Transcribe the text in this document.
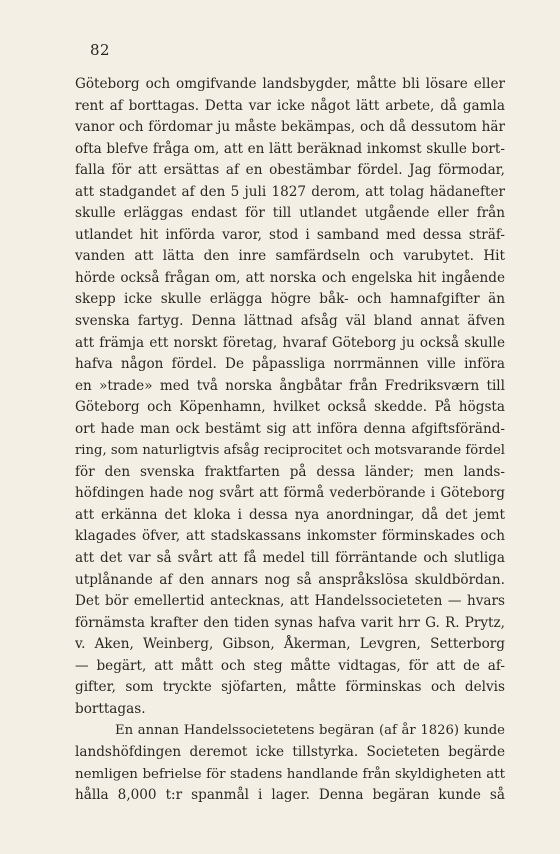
82
Göteborg och omgifvande landsbygder, måtte bli lösare eller
rent af borttagas. Detta var icke något lätt arbete, då gamla
vanor och fördomar ju måste bekämpas, och då dessutom här
ofta blefve fråga om, att en lätt beräknad inkomst skulle bort-
falla för att ersättas af en obestämbar fördel. Jag förmodar,
att stadgandet af den 5 juli 1827 derom, att tolag hädanefter
skulle erläggas endast för till utlandet utgående eller från
utlandet hit införda varor, stod i samband med dessa sträf-
vanden att lätta den inre samfärdseln och varubytet. Hit
hörde också frågan om, att norska och engelska hit ingående
skepp icke skulle erlägga högre båk- och hamnafgifter än
svenska fartyg. Denna lättnad afsåg väl bland annat äfven
att främja ett norskt företag, hvaraf Göteborg ju också skulle
hafva någon fördel. De påpassliga norrmännen ville införa
en »trade» med två norska ångbåtar från Fredriksværn till
Göteborg och Köpenhamn, hvilket också skedde. På högsta
ort hade man ock bestämt sig att införa denna afgiftsföränd-
ring, som naturligtvis afsåg reciprocitet och motsvarande fördel
för den svenska fraktfarten på dessa länder; men lands-
höfdingen hade nog svårt att förmå vederbörande i Göteborg
att erkänna det kloka i dessa nya anordningar, då det jemt
klagades öfver, att stadskassans inkomster förminskades och
att det var så svårt att få medel till förräntande och slutliga
utplånande af den annars nog så anspråkslösa skuldbördan.
Det bör emellertid antecknas, att Handelssocieteten — hvars
förnämsta krafter den tiden synas hafva varit hrr G. R. Prytz,
v. Aken, Weinberg, Gibson, Åkerman, Levgren, Setterborg
— begärt, att mått och steg måtte vidtagas, för att de af-
gifter, som tryckte sjöfarten, måtte förminskas och delvis
borttagas.
En annan Handelssocietetens begäran (af år 1826) kunde
landshöfdingen deremot icke tillstyrka. Societeten begärde
nemligen befrielse för stadens handlande från skyldigheten att
hålla 8,000 t:r spanmål i lager. Denna begäran kunde så
